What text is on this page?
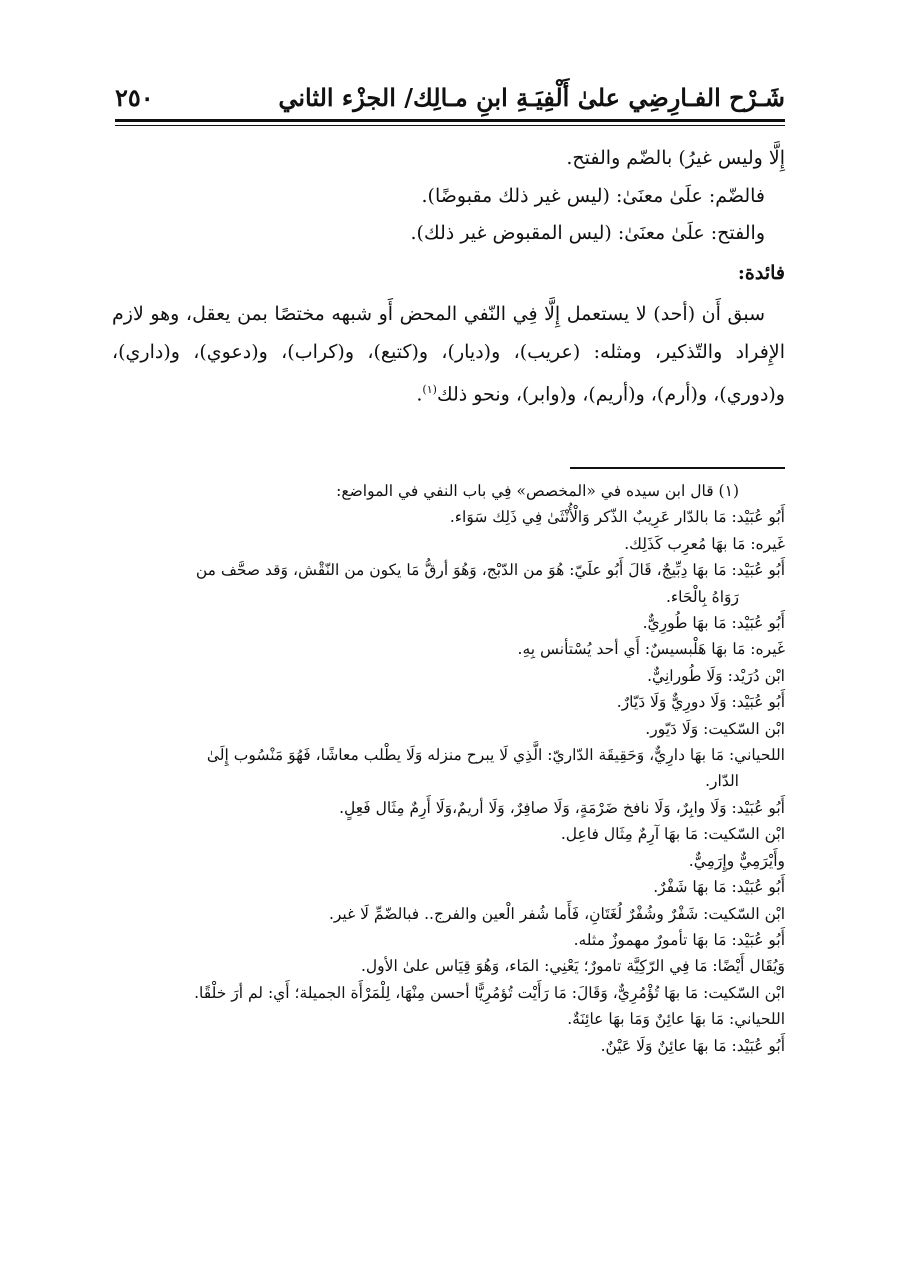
شَـرْح الفـارِضِي علىٰ أَلْفِيَـةِ ابنِ مـالِك/ الجزْء الثاني
٢٥٠

إِلَّا وليس غيرُ) بالضّم والفتح.

فالضّم: علَىٰ معنَىٰ: (ليس غير ذلك مقبوضًا).

والفتح: علَىٰ معنَىٰ: (ليس المقبوض غير ذلك).

فائدة:

سبق أَن (أحد) لا يستعمل إِلَّا فِي النّفي المحض أَو شبهه مختصًا بمن يعقل، وهو لازم الإِفراد والتّذكير، ومثله: (عريب)، و(ديار)، و(كتيع)، و(كراب)، و(دعوي)، و(داري)، و(دوري)، و(أرم)، و(أريم)، و(وابر)، ونحو ذلك$^{(١)}$.

(١) قال ابن سيده في «المخصص» فِي باب النفي في المواضع:

أَبُو عُبَيْد: مَا بالدّار عَرِيبٌ الذّكر وَالْأُنْثَىٰ فِي ذَلِك سَوَاء.

غَيره: مَا بهَا مُعرِب كَذَلِك.

أَبُو عُبَيْد: مَا بهَا دِبِّيجٌ، قَالَ أَبُو علَيّ: هُوَ من الدّبْج، وَهُوَ أرقُّ مَا يكون من النّقْش، وَقد صحَّف من

رَوَاهُ بِالْحَاء.

أَبُو عُبَيْد: مَا بهَا طُورِيٌّ.

غَيره: مَا بهَا هَلْبسيسٌ: أَي أحد يُسْتأنس بِهِ.

ابْن دُرَيْد: وَلَا طُورانِيٌّ.

أَبُو عُبَيْد: وَلَا دورِيٌّ وَلَا دَيّارٌ.

ابْن السّكيت: وَلَا دَيّور.

اللحياني: مَا بهَا دارِيٌّ، وَحَقِيقَة الدّاريّ: الَّذِي لَا يبرح منزله وَلَا يطْلب معاشًا، فَهُوَ مَنْسُوب إِلَىٰ

الدّار.

أَبُو عُبَيْد: وَلَا وابِرٌ، وَلَا نافخ ضَرْمَةٍ، وَلَا صافِرٌ، وَلَا أريمٌ،وَلَا أَرِمٌ مِثَال فَعِلٍ.

ابْن السّكيت: مَا بهَا آرِمٌ مِثَال فاعِل.

وأَيْرَمِيٌّ وإِرَمِيٌّ.

أَبُو عُبَيْد: مَا بهَا شَفْرٌ.

ابْن السّكيت: شَفْرٌ وشُفْرٌ لُغَتَانِ، فَأَما شُفر الْعين والفرج.. فبالضّمِّ لَا غير.

أَبُو عُبَيْد: مَا بهَا تأمورٌ مهموزٌ مثله.

وَيُقَال أَيْضًا: مَا فِي الرّكِيَّة تامورٌ؛ يَعْنِي: المَاء، وَهُوَ قِيَاس علىٰ الأول.

ابْن السّكيت: مَا بهَا تُؤْمُرِيٌّ، وَقَالَ: مَا رَأَيْت تُؤمُرِيًّا أحسن مِنْهَا، لِلْمَرْأَة الجميلة؛ أَي: لم أرَ خلْقًا.

اللحياني: مَا بهَا عائِنٌ وَمَا بهَا عائِنَةٌ.

أَبُو عُبَيْد: مَا بهَا عائِنٌ وَلَا عَيْنٌ.
